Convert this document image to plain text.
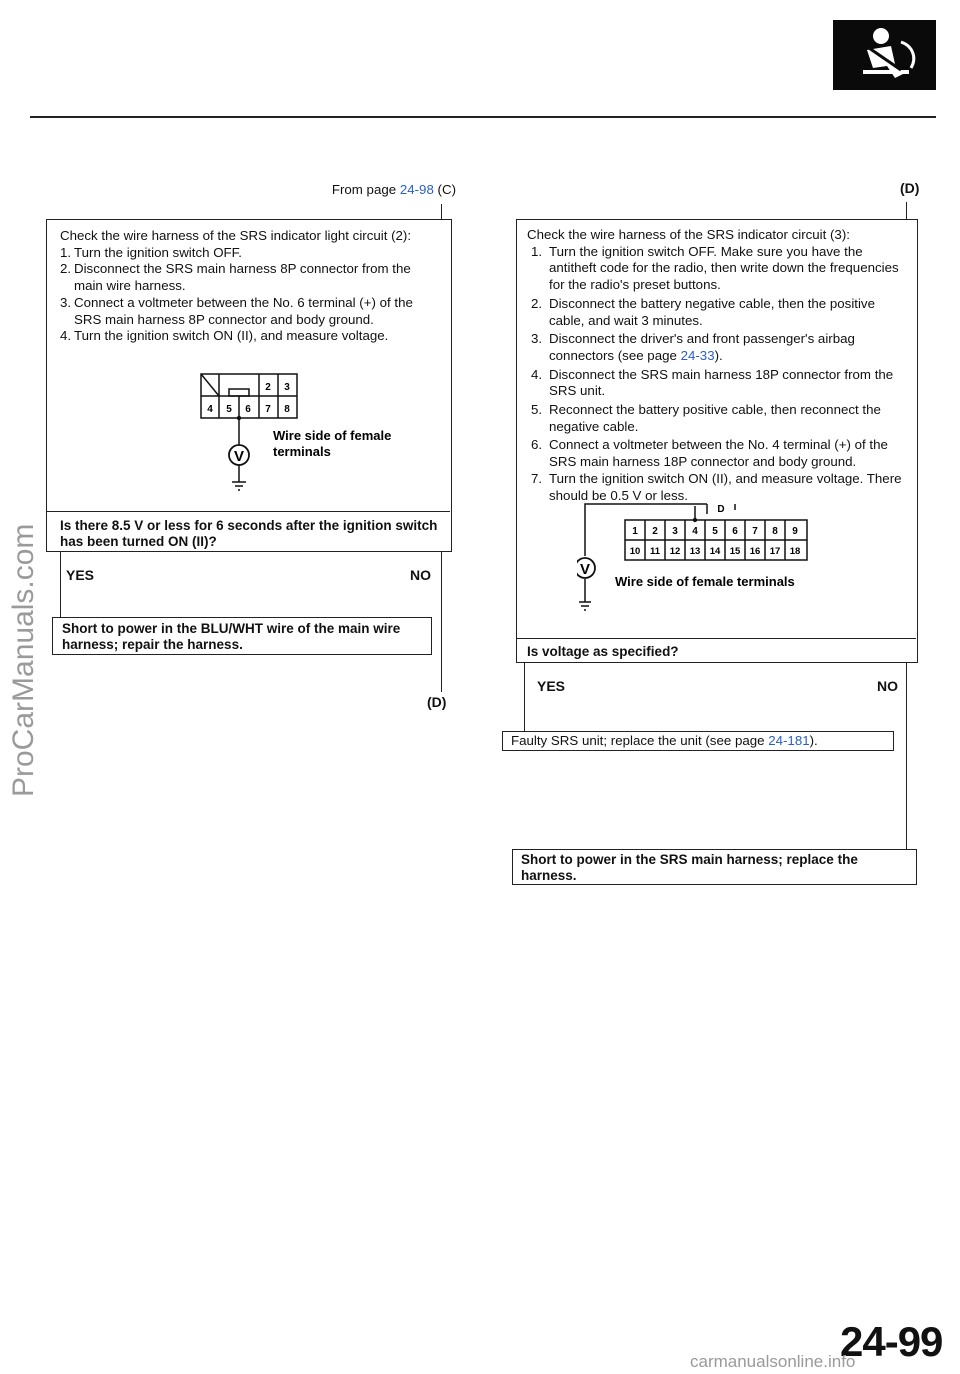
From page 24-98 (C)
Check the wire harness of the SRS indicator light circuit (2):
1. Turn the ignition switch OFF.
2. Disconnect the SRS main harness 8P connector from the main wire harness.
3. Connect a voltmeter between the No. 6 terminal (+) of the SRS main harness 8P connector and body ground.
4. Turn the ignition switch ON (II), and measure voltage.
2 3
4 5 6 7 8
V
Wire side of female
terminals
Is there 8.5 V or less for 6 seconds after the ignition switch has been turned ON (II)?
YES	NO
Short to power in the BLU/WHT wire of the main wire harness; repair the harness.
(D)
(D)
Check the wire harness of the SRS indicator circuit (3):
1. Turn the ignition switch OFF. Make sure you have the antitheft code for the radio, then write down the frequencies for the radio's preset buttons.
2. Disconnect the battery negative cable, then the positive cable, and wait 3 minutes.
3. Disconnect the driver's and front passenger's airbag connectors (see page 24-33).
4. Disconnect the SRS main harness 18P connector from the SRS unit.
5. Reconnect the battery positive cable, then reconnect the negative cable.
6. Connect a voltmeter between the No. 4 terminal (+) of the SRS main harness 18P connector and body ground.
7. Turn the ignition switch ON (II), and measure voltage. There should be 0.5 V or less.
D
1 2 3 4 5 6 7 8 9
10 11 12 13 14 15 16 17 18
V
Wire side of female terminals
Is voltage as specified?
YES	NO
Faulty SRS unit; replace the unit (see page 24-181).
Short to power in the SRS main harness; replace the harness.
24-99
ProCarManuals.com
carmanualsonline.info
